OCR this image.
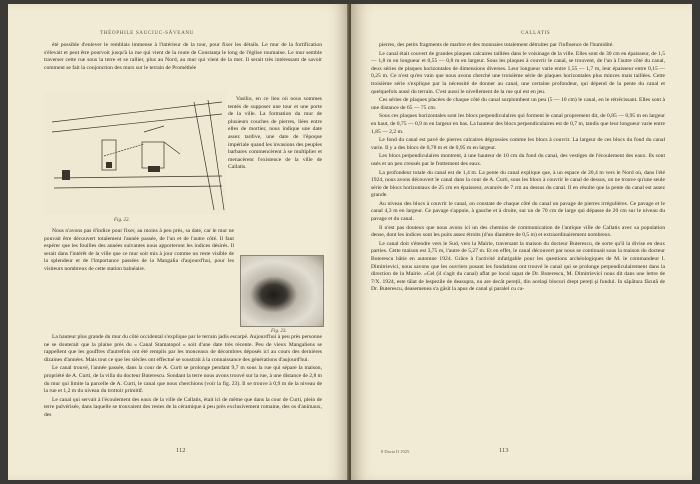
THÉOPHILE SAUCIUC-SĂVEANU

été possible d'enlever le remblais immense à l'intérieur de la tour, pour fixer les détails. Le mur de la fortification s'élevait et peut être pourvoit jusqu'à la rue qui vient de la route de Constanța le long de l'église roumaine. Le mur semble traverser cette rue sous la terre et se rallier, plus au Nord, au mur qui vient de la mer. Il serait très intéressant de savoir comment se fait la conjonction des murs sur le terrain de Prométhée

Fig. 22.

Vasiliu, en ce lieu où nous sommes tentés de supposer une tour et une porte de la ville. La formation du mur de plusieurs couches de pierres, liées entre elles de mortier, nous indique une date assez tardive, une date de l'époque impériale quand les invasions des peuples barbares commencèrent à se multiplier et menacèrent l'existence de la ville de Callatis.

Nous n'avons pas d'indice pour fixer, au moins à peu près, sa date, car le mur ne pouvait être découvert totalement l'année passée, de l'un et de l'autre côté. Il faut espérer que les fouilles des années suivantes nous apporteront les indices désirés. Il serait dans l'intérêt de la ville que ce mur soit mis à jour comme un reste visible de la splendeur et de l'importance passées de la Mangalia d'aujourd'hui, pour les visiteurs nombreux de cette station balnéaire.

Fig. 23.

La hauteur plus grande du mur du côté occidental s'explique par le terrain jadis escarpé. Aujourd'hui à peu près personne ne se douterait que la plaine près du « Canal Stamatopol » soit d'une date très récente. Peu de vieux Mangaliens se rappellent que les gouffres d'autrefois ont été remplis par les monceaux de décombres déposés ici au cours des dernières dizaines d'années. Mais tout ce que les siècles ont effectué se soustrait à la connaissance des générations d'aujourd'hui.

Le canal trouvé, l'année passée, dans la cour de A. Curti se prolonge pendant 9,7 m sous la rue qui sépare la maison, propriété de A. Curti, de la villa du docteur Buterescu. Sondant la terre nous avons trouvé sur la rue, à une distance de 2,8 m du mur qui limite la parcelle de A. Curti, le canal que nous cherchions (voir la fig. 23). Il se trouve à 0,9 m de la niveau de la rue et 1,2 m du niveau du trottoir primitif.

Le canal qui servait à l'écoulement des eaux de la ville de Callatis, était ici de même que dans la cour de Curti, plein de terre pulvérisée, dans laquelle se trouvaient des restes de la céramique à peu près exclusivement romaine, des os d'animaux, des

112
CALLATIS

pierres, des petits fragments de marbre et des monnaies totalement détruites par l'influence de l'humidité.

Le canal était couvert de grandes plaques calcaires taillées dans le voisinage de la ville. Elles sont de 30 cm en épaisseur, de 1,5 — 1,8 m en longueur et 0,55 — 0,8 m en largeur. Sous les plaques à couvrir le canal, se trouvent, de l'un à l'autre côté du canal, deux séries de plaques horizontales de dimensions diverses. Leur longueur varie entre 1,55 — 1,7 m, leur épaisseur entre 0,15 — 0,25 m. Ce n'est qu'en vain que nous avons cherché une troisième série de plaques horizontales plus minces mais taillées. Cette troisième série s'explique par la nécessité de donner au canal, une certaine profondeur, qui dépend de la pente du canal et quelquefois aussi du terrain. C'est aussi le nivellement de la rue qui est en jeu.

Ces séries de plaques placées de chaque côté du canal surplombent un peu (5 — 10 cm) le canal, en le rétrécissant. Elles sont à une distance de 65 — 75 cm.

Sous ces plaques horizontales sont les blocs perpendiculaires qui forment le canal proprement dit, de 0,85 — 0,95 m en largeur en haut, de 0,75 — 0,9 m en largeur en bas. La hauteur des blocs perpendiculaires est de 0,7 m, tandis que leur longueur varie entre 1,85 — 2,2 m.

Le fond du canal est pavé de pierres calcaires dégrossies comme les blocs à couvrir. La largeur de ces blocs du fond du canal varie. Il y a des blocs de 0,78 m et de 0,95 m en largeur.

Les blocs perpendiculaires montrent, à une hauteur de 10 cm du fond du canal, des vestiges de l'écoulement des eaux. Ils sont usés et un peu creusés par le frottement des eaux.

La profondeur totale du canal est de 1,4 m. La pente du canal explique que, à un espace de 20,4 m vers le Nord où, dans l'été 1924, nous avons découvert le canal dans la cour de A. Curti, sous les blocs à couvrir le canal de dessus, on ne trouve qu'une seule série de blocs horizontaux de 25 cm en épaisseur, avancés de 7 cm au dessus du canal. Il en résulte que la pente du canal est assez grande.

Au niveau des blocs à couvrir le canal, on constate de chaque côté du canal un pavage de pierres irrégulières. Ce pavage et le canal 4,3 m en largeur. Ce pavage s'appuie, à gauche et à droite, sur un de 70 cm de large qui dépasse de 20 cm sur le niveau du pavage et du canal.

Il n'est pas douteux que nous avons ici un des chemins de communication de l'antique ville de Callatis avec sa population dense, dont les indices sont les puits assez étroits (d'un diamètre de 0,5 m) et extraordinairement nombreux.

Le canal doit s'étendre vers le Sud, vers la Mairie, traversant la maison du docteur Buterescu, de sorte qu'il la divise en deux parties. Cette maison est 3,75 m, l'autre de 5,27 m. Et en effet, le canal découvert par nous se continuait sous la maison du docteur Buterescu bâtie en automne 1924. Grâce à l'activité infatigable pour les questions archéologiques de M. le commandeur I. Dimitrievici, nous savons que les ouvriers posant les fondations ont trouvé le canal qui se prolonge perpendiculairement dans la direction de la Mairie. «Cel (il s'agit du canal) aflat pe locul sapat de Dr. Buterescu, M. Dimitrievici nous dit dans une lettre de 7/X. 1924, este tăiat de lespezile de deasupra, nu are decât pereții, din acelaşi blocuri drept pereţi şi fundul. In săpătura făcută de Dr. Buterescu, deasemenea s'a găsit la apus de canal şi paralel cu ca-

8 Dacia II 1925.	113
